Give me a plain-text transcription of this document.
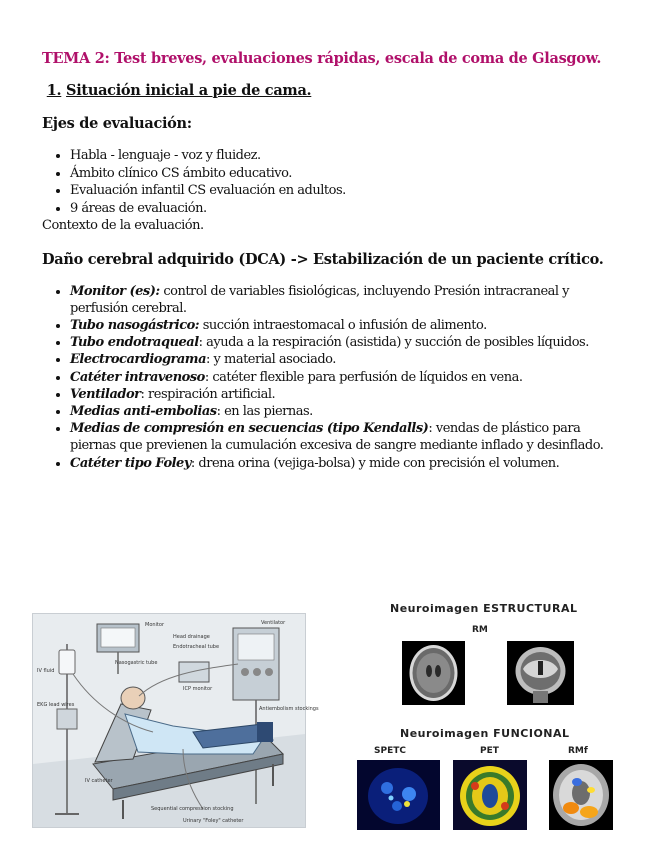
TEMA 2: Test breves, evaluaciones rápidas, escala de coma de Glasgow.

1. Situación inicial a pie de cama.

Ejes de evaluación:

• Habla - lenguaje - voz y fluidez.
• Ámbito clínico CS ámbito educativo.
• Evaluación infantil CS evaluación en adultos.
• 9 áreas de evaluación.

Contexto de la evaluación.

Daño cerebral adquirido (DCA) -> Estabilización de un paciente crítico.

• Monitor (es): control de variables fisiológicas, incluyendo Presión intracraneal y perfusión cerebral.
• Tubo nasogástrico: succión intraestomacal o infusión de alimento.
• Tubo endotraqueal: ayuda a la respiración (asistida) y succión de posibles líquidos.
• Electrocardiograma: y material asociado.
• Catéter intravenoso: catéter flexible para perfusión de líquidos en vena.
• Ventilador: respiración artificial.
• Medias anti-embolias: en las piernas.
• Medias de compresión en secuencias (tipo Kendalls): vendas de plástico para piernas que previenen la cumulación excesiva de sangre mediante inflado y desinflado.
• Catéter tipo Foley: drena orina (vejiga-bolsa) y mide con precisión el volumen.
Monitor
Head drainage
Endotracheal tube
Ventilator
ICP monitor
Nasogastric tube
IV fluid
EKG lead wires
IV catheter
Antiembolism stockings
Sequential compression stocking
Urinary "Foley" catheter
Neuroimagen ESTRUCTURAL
RM
Neuroimagen FUNCIONAL
SPETC	PET	RMf
